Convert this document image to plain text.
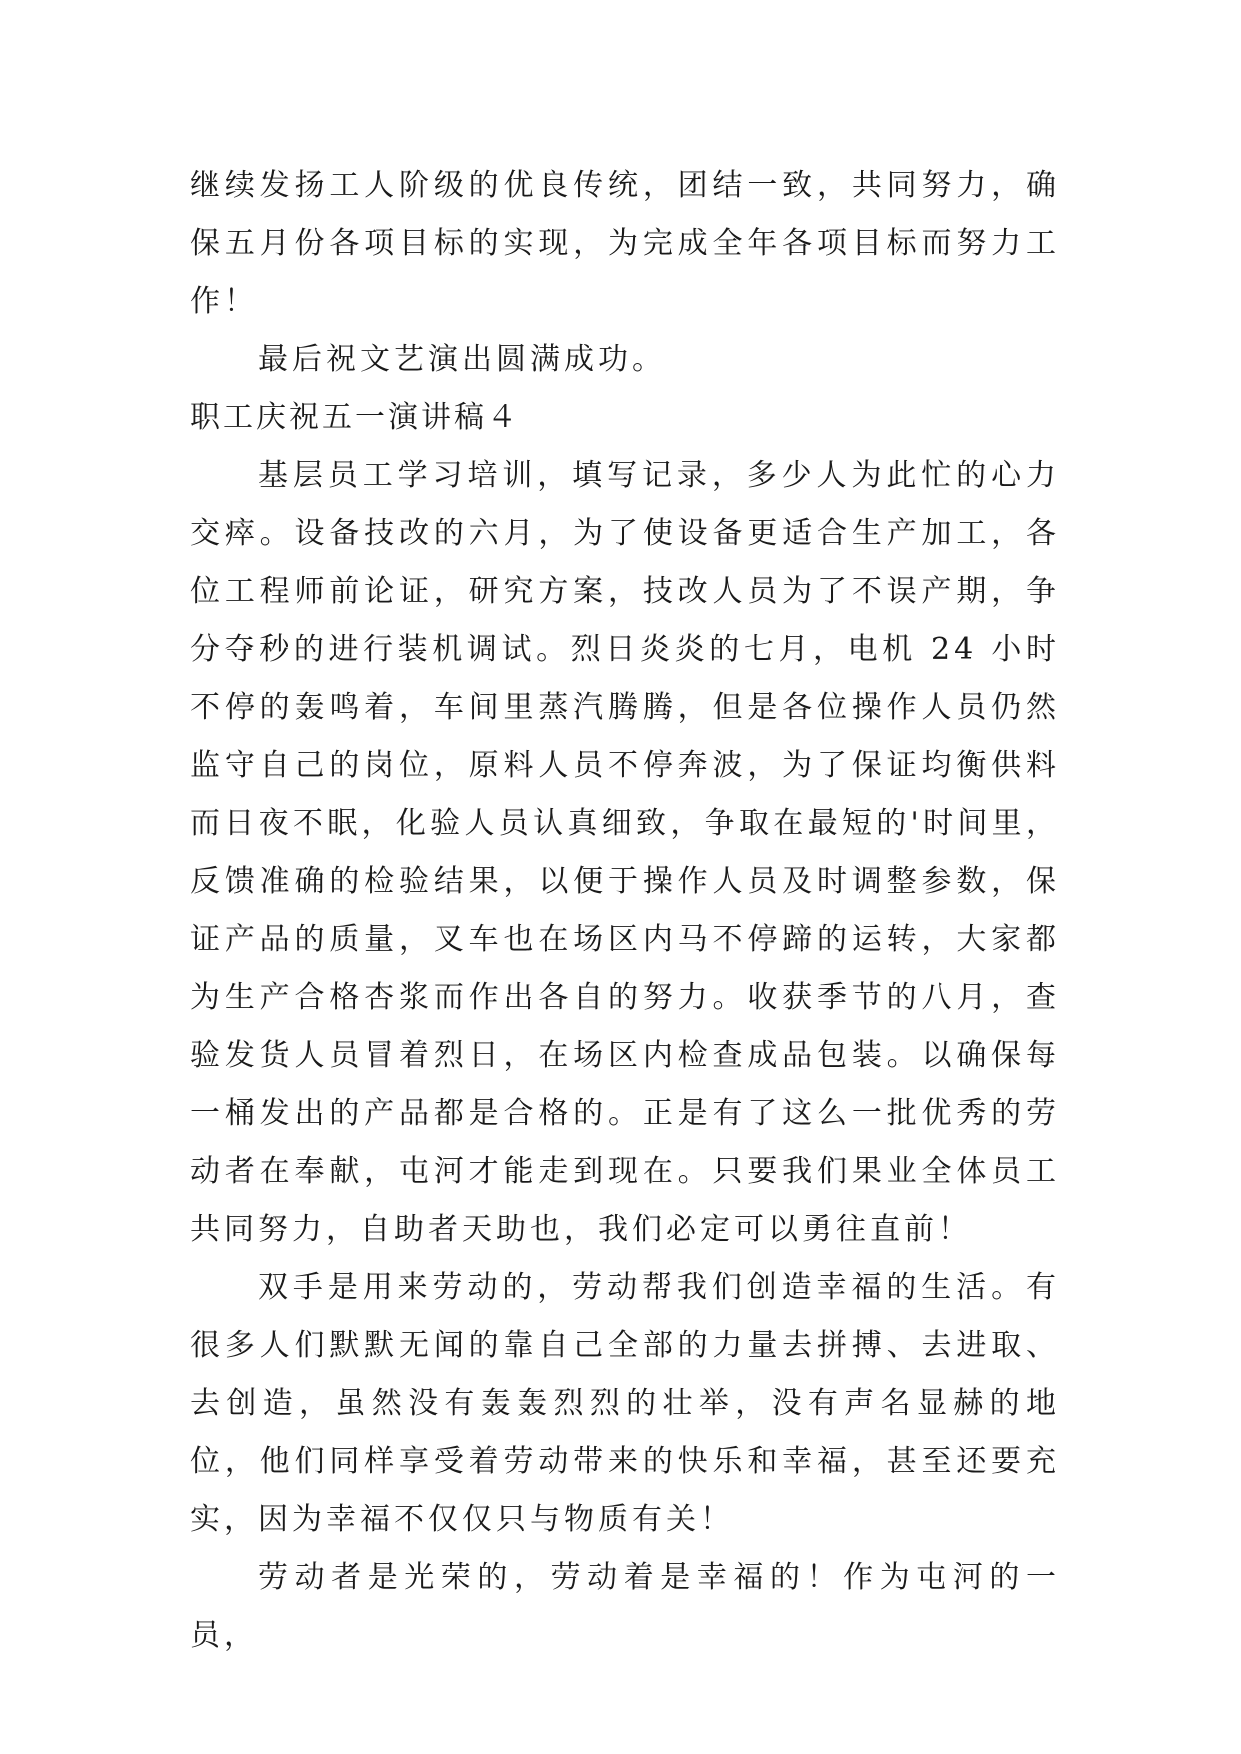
继续发扬工人阶级的优良传统，团结一致，共同努力，确保五月份各项目标的实现，为完成全年各项目标而努力工作！

最后祝文艺演出圆满成功。

职工庆祝五一演讲稿４

基层员工学习培训，填写记录，多少人为此忙的心力交瘁。设备技改的六月，为了使设备更适合生产加工，各位工程师前论证，研究方案，技改人员为了不误产期，争分夺秒的进行装机调试。烈日炎炎的七月，电机 24 小时不停的轰鸣着，车间里蒸汽腾腾，但是各位操作人员仍然监守自己的岗位，原料人员不停奔波，为了保证均衡供料而日夜不眠，化验人员认真细致，争取在最短的'时间里，反馈准确的检验结果，以便于操作人员及时调整参数，保证产品的质量，叉车也在场区内马不停蹄的运转，大家都为生产合格杏浆而作出各自的努力。收获季节的八月，查验发货人员冒着烈日，在场区内检查成品包装。以确保每一桶发出的产品都是合格的。正是有了这么一批优秀的劳动者在奉献，屯河才能走到现在。只要我们果业全体员工共同努力，自助者天助也，我们必定可以勇往直前！

双手是用来劳动的，劳动帮我们创造幸福的生活。有很多人们默默无闻的靠自己全部的力量去拼搏、去进取、去创造，虽然没有轰轰烈烈的壮举，没有声名显赫的地位，他们同样享受着劳动带来的快乐和幸福，甚至还要充实，因为幸福不仅仅只与物质有关！

劳动者是光荣的，劳动着是幸福的！作为屯河的一员，
